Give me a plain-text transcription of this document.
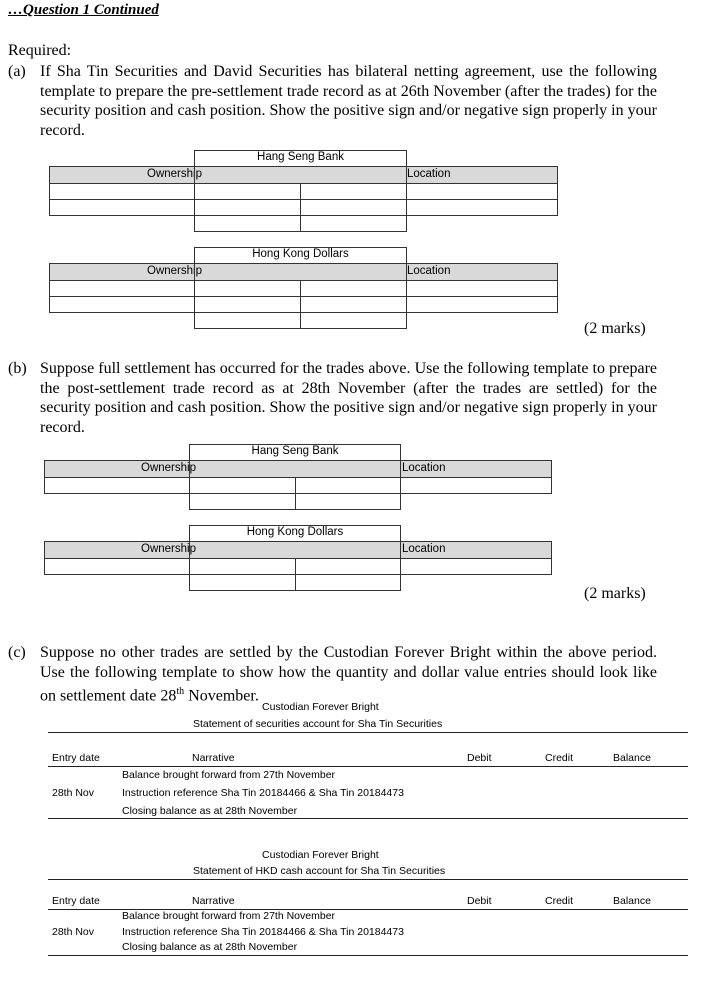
…Question 1 Continued
Required:
(a) If Sha Tin Securities and David Securities has bilateral netting agreement, use the following template to prepare the pre-settlement trade record as at 26th November (after the trades) for the security position and cash position. Show the positive sign and/or negative sign properly in your record.
Hang Seng Bank
Ownership	Location
Hong Kong Dollars
Ownership	Location
(2 marks)
(b) Suppose full settlement has occurred for the trades above. Use the following template to prepare the post-settlement trade record as at 28th November (after the trades are settled) for the security position and cash position. Show the positive sign and/or negative sign properly in your record.
Hang Seng Bank
Ownership	Location
Hong Kong Dollars
Ownership	Location
(2 marks)
(c) Suppose no other trades are settled by the Custodian Forever Bright within the above period. Use the following template to show how the quantity and dollar value entries should look like on settlement date 28th November.
Custodian Forever Bright
Statement of securities account for Sha Tin Securities
Entry date	Narrative	Debit	Credit	Balance
Balance brought forward from 27th November
28th Nov	Instruction reference Sha Tin 20184466 & Sha Tin 20184473
Closing balance as at 28th November
Custodian Forever Bright
Statement of HKD cash account for Sha Tin Securities
Entry date	Narrative	Debit	Credit	Balance
Balance brought forward from 27th November
28th Nov	Instruction reference Sha Tin 20184466 & Sha Tin 20184473
Closing balance as at 28th November
